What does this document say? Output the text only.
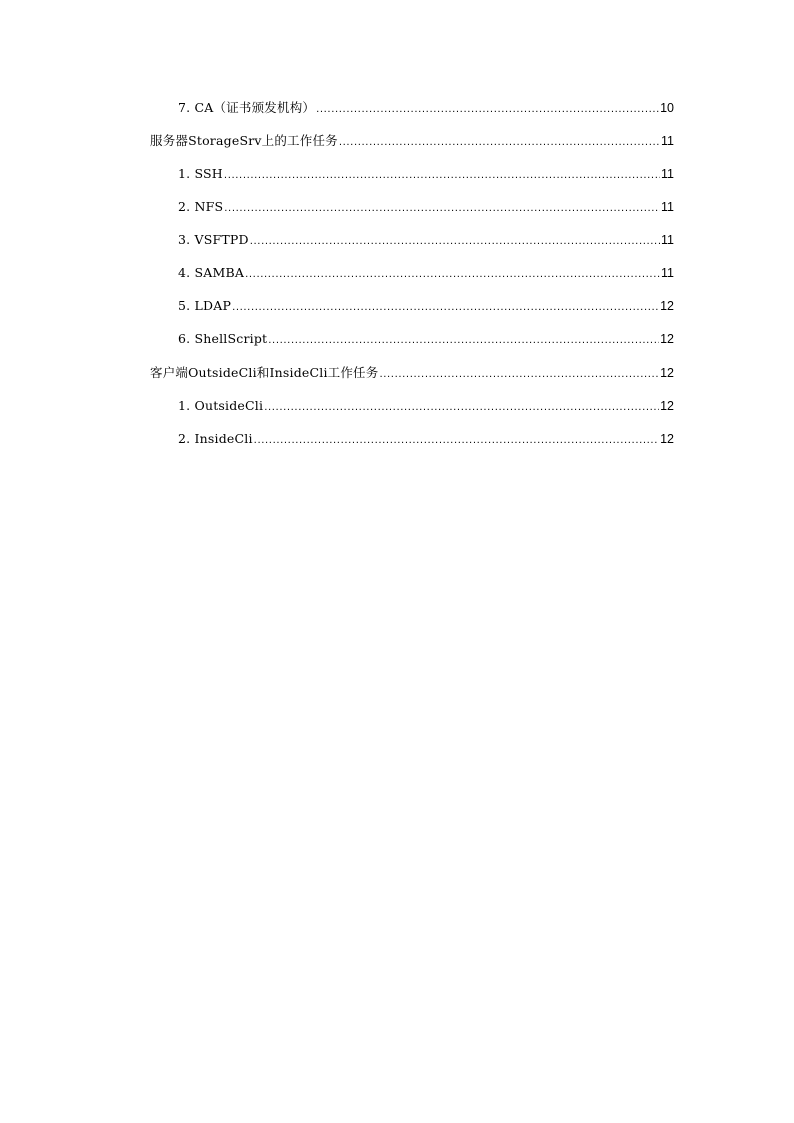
7. CA（证书颁发机构） .....	10
服务器StorageSrv上的工作任务 .....	11
1. SSH .....	11
2. NFS .....	11
3. VSFTPD .....	11
4. SAMBA .....	11
5. LDAP .....	12
6. ShellScript .....	12
客户端OutsideCli和InsideCli工作任务 .....	12
1. OutsideCli .....	12
2. InsideCli .....	12
